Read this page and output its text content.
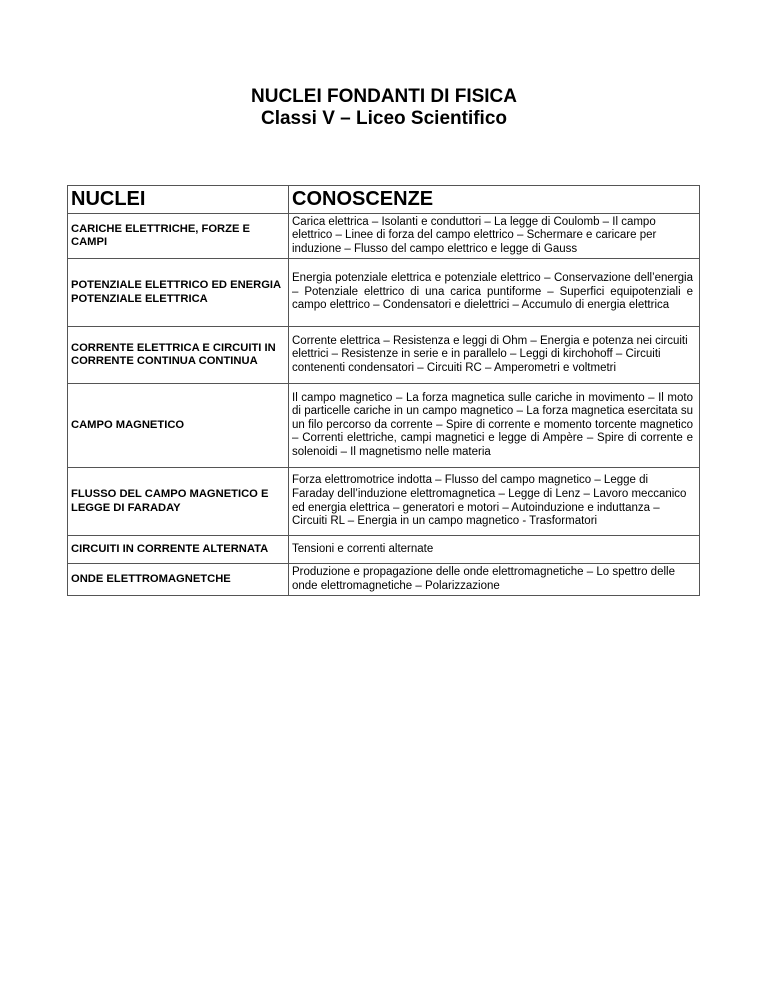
NUCLEI FONDANTI DI FISICA
Classi V – Liceo Scientifico
NUCLEI	CONOSCENZE
CARICHE ELETTRICHE, FORZE E CAMPI	Carica elettrica – Isolanti e conduttori – La legge di Coulomb – Il campo elettrico – Linee di forza del campo elettrico – Schermare e caricare per induzione – Flusso del campo elettrico e legge di Gauss
POTENZIALE ELETTRICO ED ENERGIA POTENZIALE ELETTRICA	Energia potenziale elettrica e potenziale elettrico – Conservazione dell’energia – Potenziale elettrico di una carica puntiforme – Superfici equipotenziali e campo elettrico – Condensatori e dielettrici – Accumulo di energia elettrica
CORRENTE ELETTRICA E CIRCUITI IN CORRENTE CONTINUA CONTINUA	Corrente elettrica – Resistenza e leggi di Ohm – Energia e potenza nei circuiti elettrici – Resistenze in serie e in parallelo – Leggi di kirchohoff – Circuiti contenenti condensatori – Circuiti RC – Amperometri e voltmetri
CAMPO MAGNETICO	Il campo magnetico – La forza magnetica sulle cariche in movimento – Il moto di particelle cariche in un campo magnetico – La forza magnetica esercitata su un filo percorso da corrente – Spire di corrente e momento torcente magnetico – Correnti elettriche, campi magnetici e legge di Ampère – Spire di corrente e solenoidi – Il magnetismo nelle materia
FLUSSO DEL CAMPO MAGNETICO E LEGGE DI FARADAY	Forza elettromotrice indotta – Flusso del campo magnetico – Legge di Faraday dell’induzione elettromagnetica – Legge di Lenz – Lavoro meccanico ed energia elettrica – generatori e motori – Autoinduzione e induttanza – Circuiti RL – Energia in un campo magnetico - Trasformatori
CIRCUITI IN CORRENTE ALTERNATA	Tensioni e correnti alternate
ONDE ELETTROMAGNETCHE	Produzione e propagazione delle onde elettromagnetiche – Lo spettro delle onde elettromagnetiche – Polarizzazione
